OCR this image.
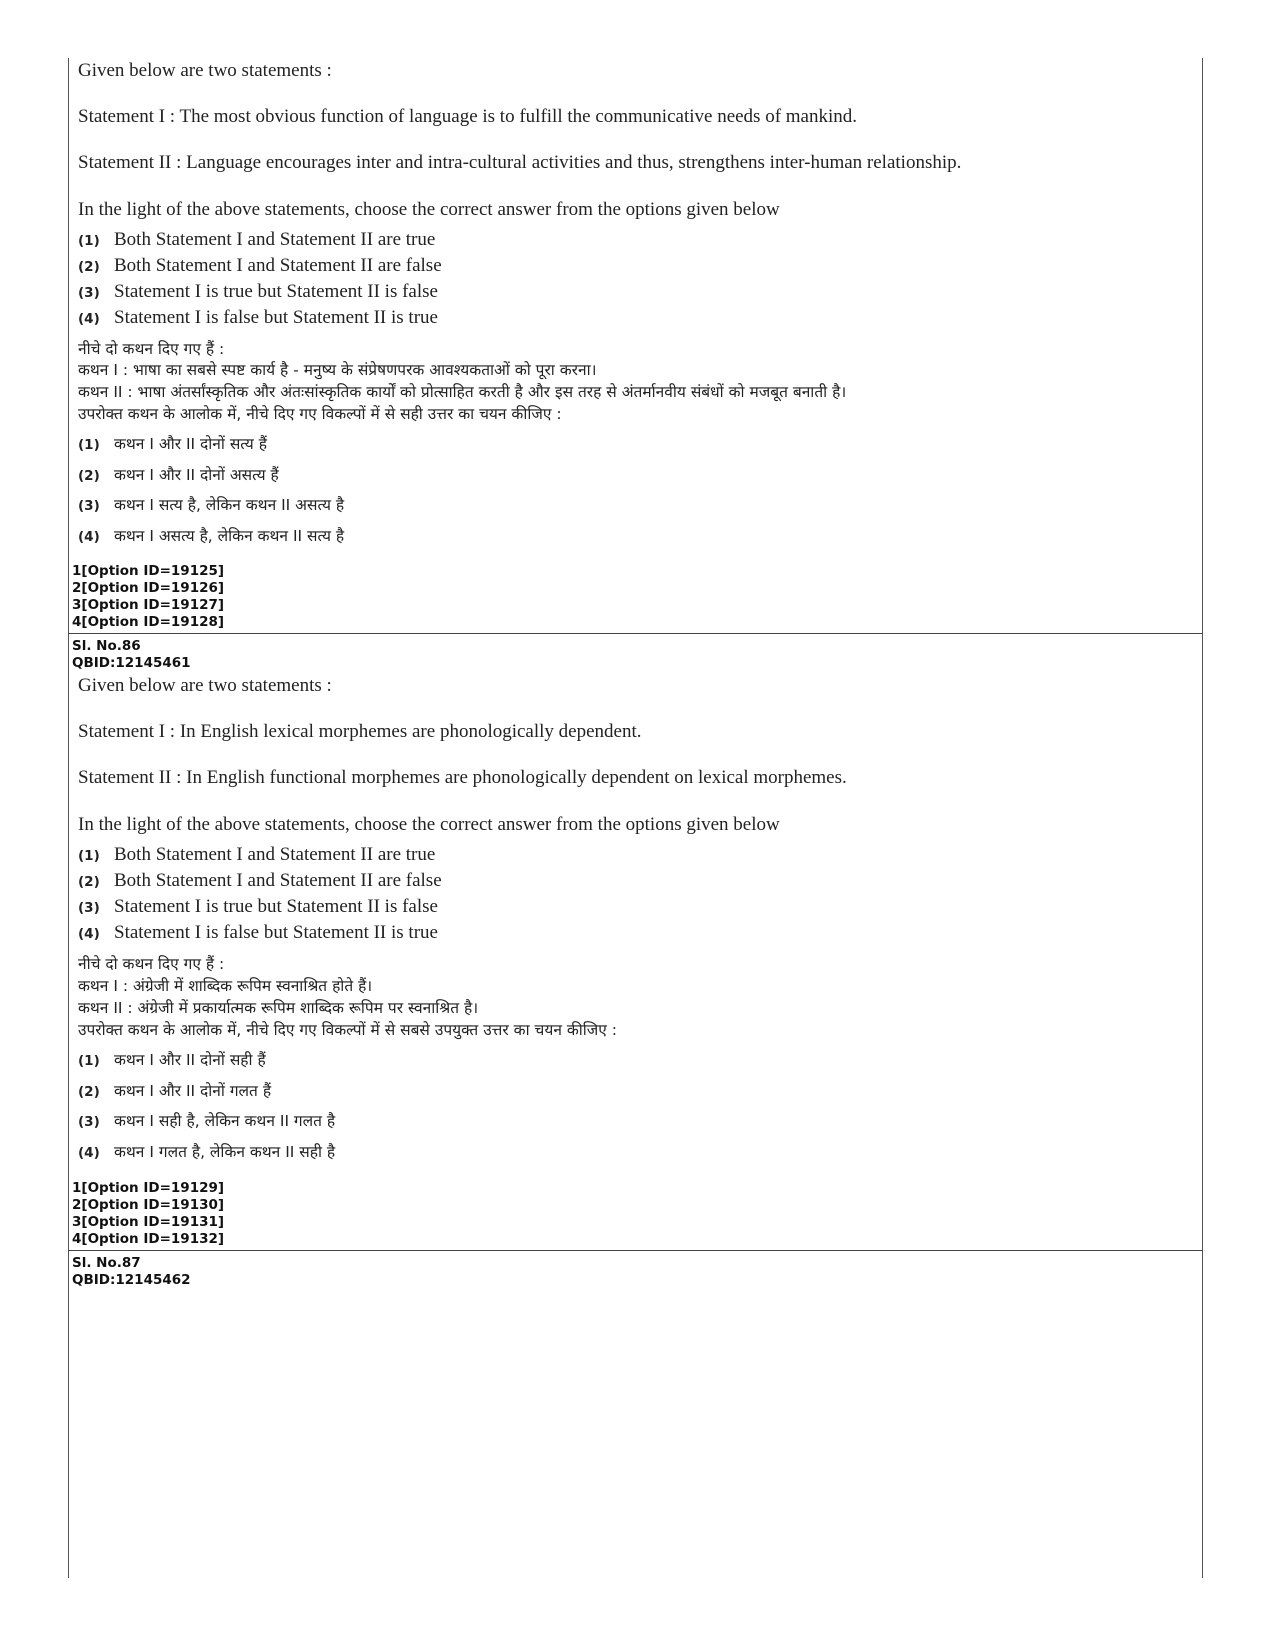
Given below are two statements :
Statement I : The most obvious function of language is to fulfill the communicative needs of mankind.
Statement II : Language encourages inter and intra-cultural activities and thus, strengthens inter-human relationship.
In the light of the above statements, choose the correct answer from the options given below
(1) Both Statement I and Statement II are true
(2) Both Statement I and Statement II are false
(3) Statement I is true but Statement II is false
(4) Statement I is false but Statement II is true
नीचे दो कथन दिए गए हैं :
कथन I : भाषा का सबसे स्पष्ट कार्य है - मनुष्य के संप्रेषणपरक आवश्यकताओं को पूरा करना।
कथन II : भाषा अंतर्सांस्कृतिक और अंतःसांस्कृतिक कार्यों को प्रोत्साहित करती है और इस तरह से अंतर्मानवीय संबंधों को मजबूत बनाती है।
उपरोक्त कथन के आलोक में, नीचे दिए गए विकल्पों में से सही उत्तर का चयन कीजिए :
(1) कथन I और II दोनों सत्य हैं
(2) कथन I और II दोनों असत्य हैं
(3) कथन I सत्य है, लेकिन कथन II असत्य है
(4) कथन I असत्य है, लेकिन कथन II सत्य है
1[Option ID=19125]
2[Option ID=19126]
3[Option ID=19127]
4[Option ID=19128]
Sl. No.86
QBID:12145461
Given below are two statements :
Statement I : In English lexical morphemes are phonologically dependent.
Statement II : In English functional morphemes are phonologically dependent on lexical morphemes.
In the light of the above statements, choose the correct answer from the options given below
(1) Both Statement I and Statement II are true
(2) Both Statement I and Statement II are false
(3) Statement I is true but Statement II is false
(4) Statement I is false but Statement II is true
नीचे दो कथन दिए गए हैं :
कथन I : अंग्रेजी में शाब्दिक रूपिम स्वनाश्रित होते हैं।
कथन II : अंग्रेजी में प्रकार्यात्मक रूपिम शाब्दिक रूपिम पर स्वनाश्रित है।
उपरोक्त कथन के आलोक में, नीचे दिए गए विकल्पों में से सबसे उपयुक्त उत्तर का चयन कीजिए :
(1) कथन I और II दोनों सही हैं
(2) कथन I और II दोनों गलत हैं
(3) कथन I सही है, लेकिन कथन II गलत है
(4) कथन I गलत है, लेकिन कथन II सही है
1[Option ID=19129]
2[Option ID=19130]
3[Option ID=19131]
4[Option ID=19132]
Sl. No.87
QBID:12145462
